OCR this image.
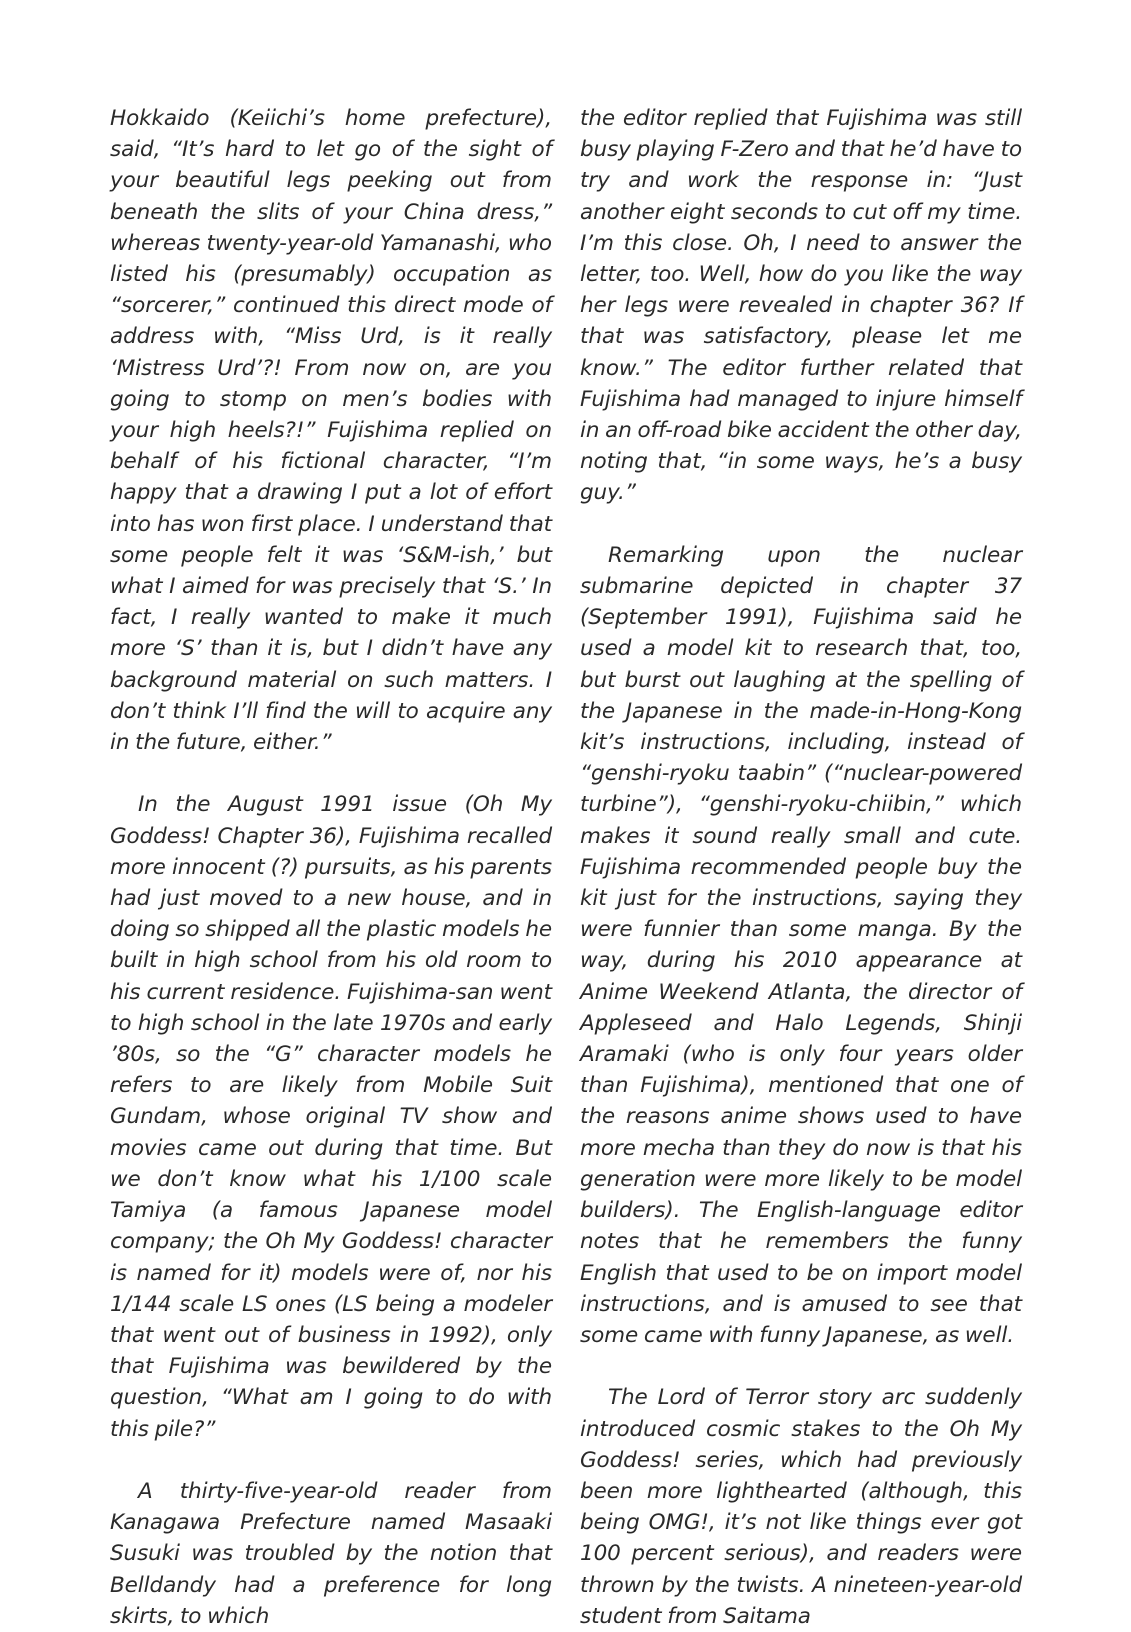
Hokkaido (Keiichi’s home prefecture), said, “It’s hard to let go of the sight of your beautiful legs peeking out from beneath the slits of your China dress,” whereas twenty-year-old Yamanashi, who listed his (presumably) occupation as “sorcerer,” continued this direct mode of address with, “Miss Urd, is it really ‘Mistress Urd’?! From now on, are you going to stomp on men’s bodies with your high heels?!” Fujishima replied on behalf of his fictional character, “I’m happy that a drawing I put a lot of effort into has won first place. I understand that some people felt it was ‘S&M-ish,’ but what I aimed for was precisely that ‘S.’ In fact, I really wanted to make it much more ‘S’ than it is, but I didn’t have any background material on such matters. I don’t think I’ll find the will to acquire any in the future, either.”

In the August 1991 issue (Oh My Goddess! Chapter 36), Fujishima recalled more innocent (?) pursuits, as his parents had just moved to a new house, and in doing so shipped all the plastic models he built in high school from his old room to his current residence. Fujishima-san went to high school in the late 1970s and early ’80s, so the “G” character models he refers to are likely from Mobile Suit Gundam, whose original TV show and movies came out during that time. But we don’t know what his 1/100 scale Tamiya (a famous Japanese model company; the Oh My Goddess! character is named for it) models were of, nor his 1/144 scale LS ones (LS being a modeler that went out of business in 1992), only that Fujishima was bewildered by the question, “What am I going to do with this pile?”

A thirty-five-year-old reader from Kanagawa Prefecture named Masaaki Susuki was troubled by the notion that Belldandy had a preference for long skirts, to which

the editor replied that Fujishima was still busy playing F-Zero and that he’d have to try and work the response in: “Just another eight seconds to cut off my time. I’m this close. Oh, I need to answer the letter, too. Well, how do you like the way her legs were revealed in chapter 36? If that was satisfactory, please let me know.” The editor further related that Fujishima had managed to injure himself in an off-road bike accident the other day, noting that, “in some ways, he’s a busy guy.”

Remarking upon the nuclear submarine depicted in chapter 37 (September 1991), Fujishima said he used a model kit to research that, too, but burst out laughing at the spelling of the Japanese in the made-in-Hong-Kong kit’s instructions, including, instead of “genshi-ryoku taabin” (“nuclear-powered turbine”), “genshi-ryoku-chiibin,” which makes it sound really small and cute. Fujishima recommended people buy the kit just for the instructions, saying they were funnier than some manga. By the way, during his 2010 appearance at Anime Weekend Atlanta, the director of Appleseed and Halo Legends, Shinji Aramaki (who is only four years older than Fujishima), mentioned that one of the reasons anime shows used to have more mecha than they do now is that his generation were more likely to be model builders). The English-language editor notes that he remembers the funny English that used to be on import model instructions, and is amused to see that some came with funny Japanese, as well.

The Lord of Terror story arc suddenly introduced cosmic stakes to the Oh My Goddess! series, which had previously been more lighthearted (although, this being OMG!, it’s not like things ever got 100 percent serious), and readers were thrown by the twists. A nineteen-year-old student from Saitama
